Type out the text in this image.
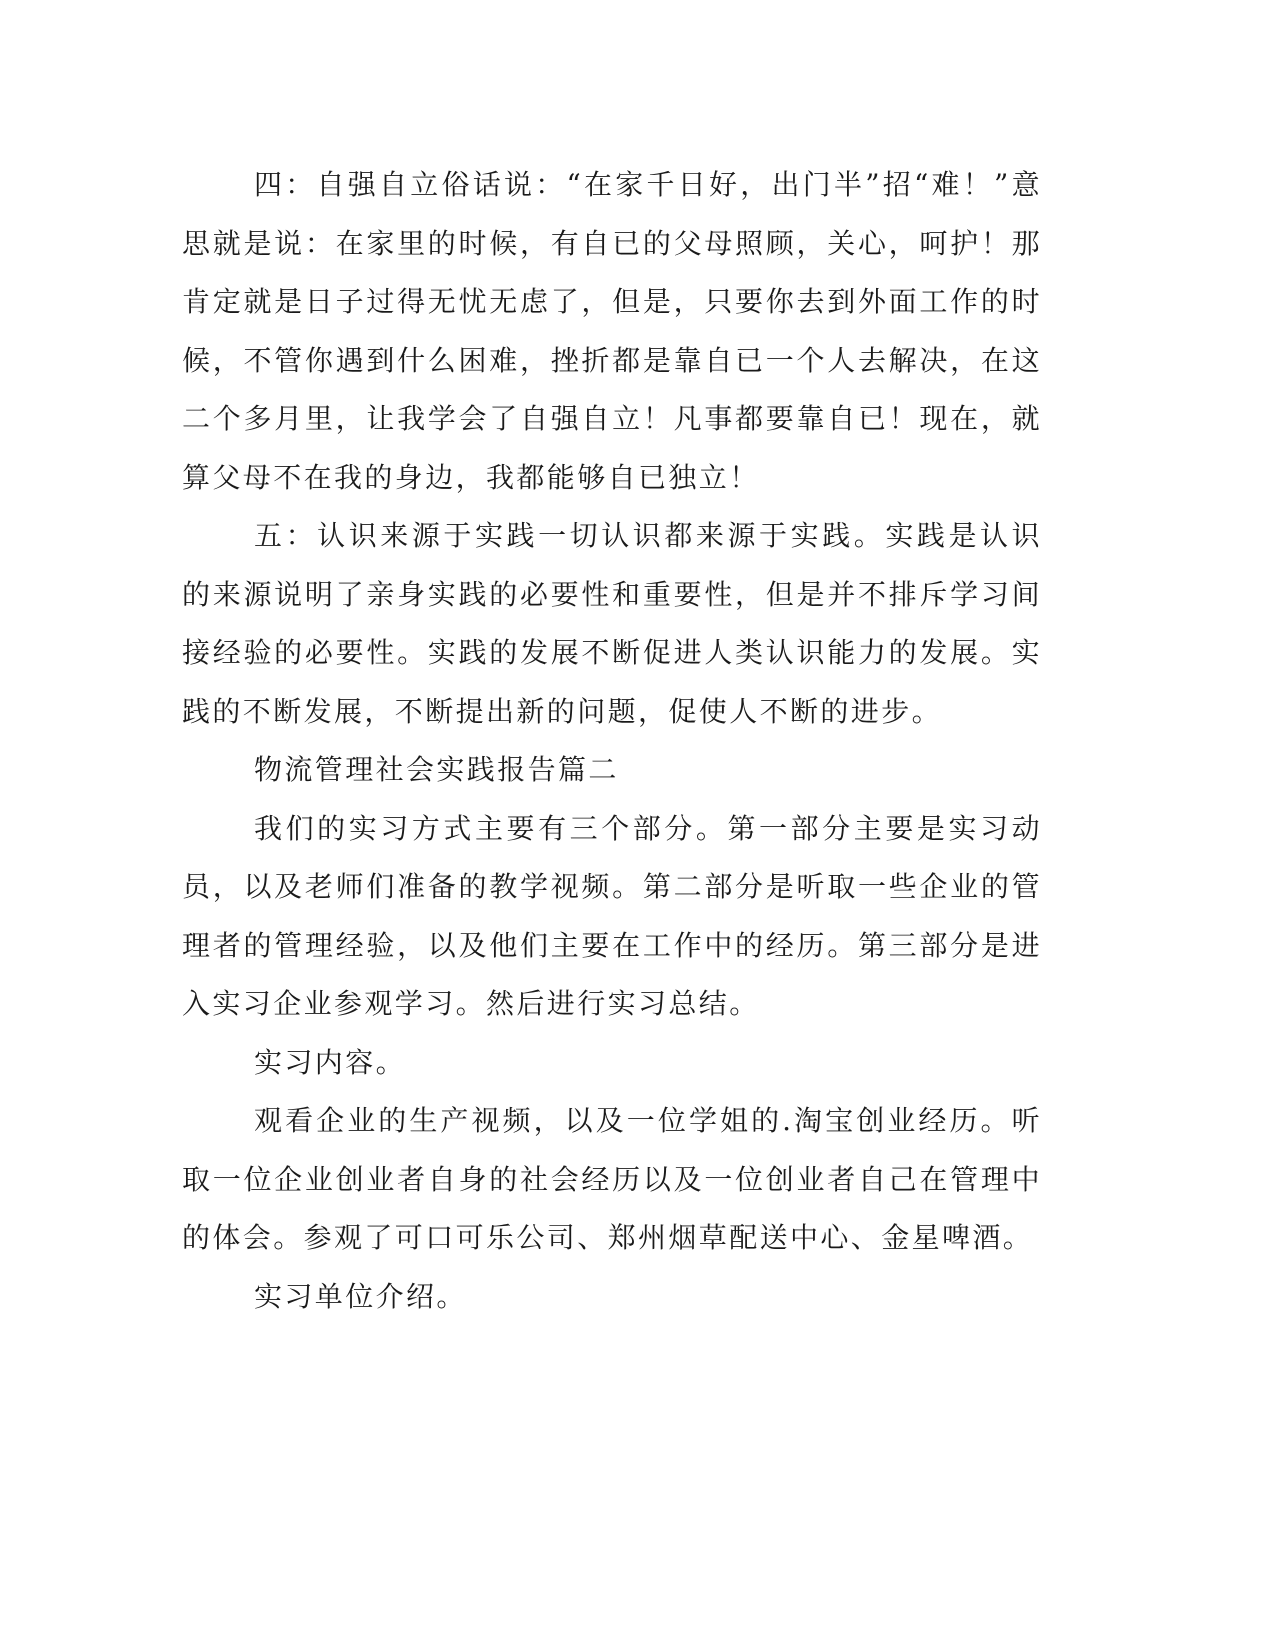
四：自强自立俗话说：“在家千日好，出门半”招“难！”意思就是说：在家里的时候，有自已的父母照顾，关心，呵护！那肯定就是日子过得无忧无虑了，但是，只要你去到外面工作的时候，不管你遇到什么困难，挫折都是靠自已一个人去解决，在这二个多月里，让我学会了自强自立！凡事都要靠自已！现在，就算父母不在我的身边，我都能够自已独立！

五：认识来源于实践一切认识都来源于实践。实践是认识的来源说明了亲身实践的必要性和重要性，但是并不排斥学习间接经验的必要性。实践的发展不断促进人类认识能力的发展。实践的不断发展，不断提出新的问题，促使人不断的进步。

物流管理社会实践报告篇二

我们的实习方式主要有三个部分。第一部分主要是实习动员，以及老师们准备的教学视频。第二部分是听取一些企业的管理者的管理经验，以及他们主要在工作中的经历。第三部分是进入实习企业参观学习。然后进行实习总结。

实习内容。

观看企业的生产视频，以及一位学姐的.淘宝创业经历。听取一位企业创业者自身的社会经历以及一位创业者自己在管理中的体会。参观了可口可乐公司、郑州烟草配送中心、金星啤酒。

实习单位介绍。
